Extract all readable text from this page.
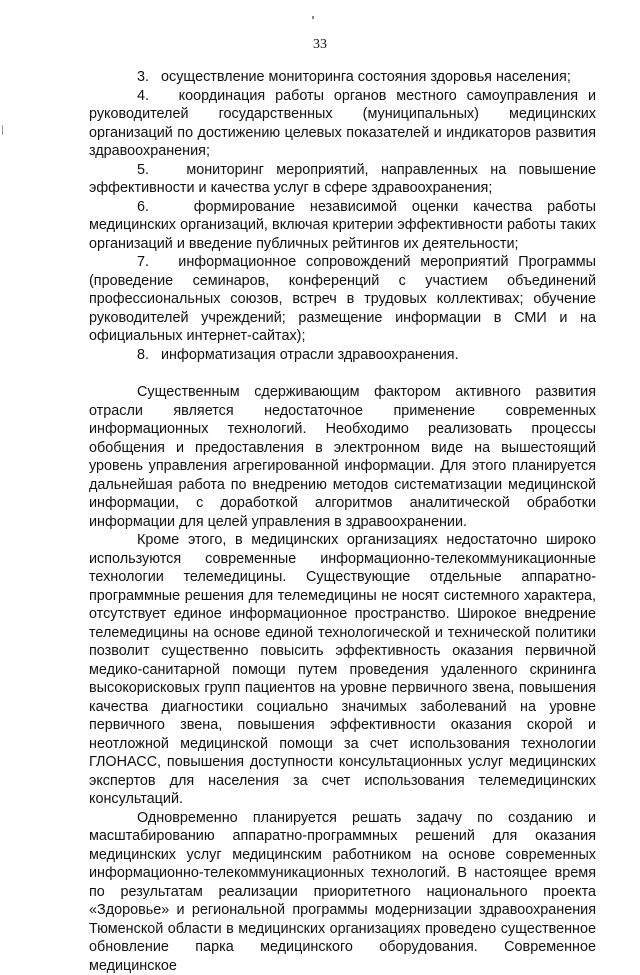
33

3.   осуществление мониторинга состояния здоровья населения;

4.   координация работы органов местного самоуправления и руководителей государственных (муниципальных) медицинских организаций по достижению целевых показателей и индикаторов развития здравоохранения;

5.   мониторинг мероприятий, направленных на повышение эффективности и качества услуг в сфере здравоохранения;

6.   формирование независимой оценки качества работы медицинских организаций, включая критерии эффективности работы таких организаций и введение публичных рейтингов их деятельности;

7.   информационное сопровождений мероприятий Программы (проведение семинаров, конференций с участием объединений профессиональных союзов, встреч в трудовых коллективах; обучение руководителей учреждений; размещение информации в СМИ и на официальных интернет-сайтах);

8.   информатизация отрасли здравоохранения.

Существенным сдерживающим фактором активного развития отрасли является недостаточное применение современных информационных технологий. Необходимо реализовать процессы обобщения и предоставления в электронном виде на вышестоящий уровень управления агрегированной информации. Для этого планируется дальнейшая работа по внедрению методов систематизации медицинской информации, с доработкой алгоритмов аналитической обработки информации для целей управления в здравоохранении.

Кроме этого, в медицинских организациях недостаточно широко используются современные информационно-телекоммуникационные технологии телемедицины. Существующие отдельные аппаратно-программные решения для телемедицины не носят системного характера, отсутствует единое информационное пространство. Широкое внедрение телемедицины на основе единой технологической и технической политики позволит существенно повысить эффективность оказания первичной медико-санитарной помощи путем проведения удаленного скрининга высокорисковых групп пациентов на уровне первичного звена, повышения качества диагностики социально значимых заболеваний на уровне первичного звена, повышения эффективности оказания скорой и неотложной медицинской помощи за счет использования технологии ГЛОНАСС, повышения доступности консультационных услуг медицинских экспертов для населения за счет использования телемедицинских консультаций.

Одновременно планируется решать задачу по созданию и масштабированию аппаратно-программных решений для оказания медицинских услуг медицинским работником на основе современных информационно-телекоммуникационных технологий. В настоящее время по результатам реализации приоритетного национального проекта «Здоровье» и региональной программы модернизации здравоохранения Тюменской области в медицинских организациях проведено существенное обновление парка медицинского оборудования. Современное медицинское
